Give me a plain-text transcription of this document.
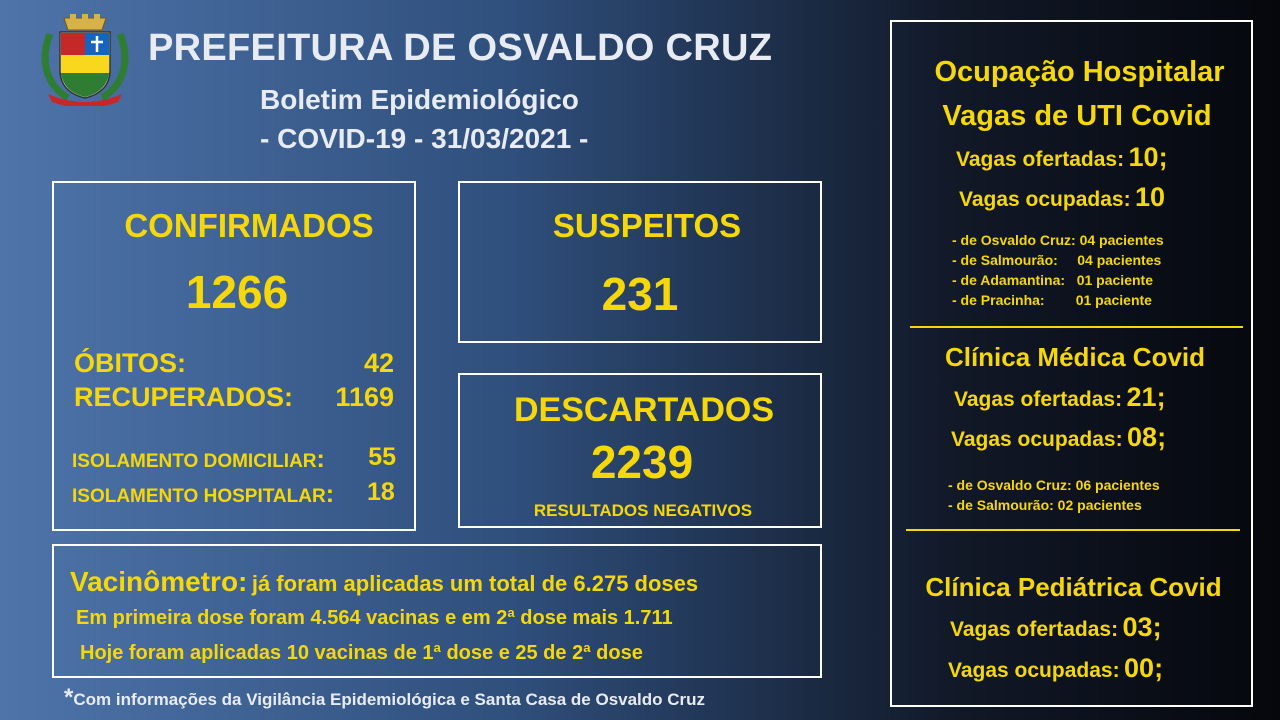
PREFEITURA DE OSVALDO CRUZ
Boletim Epidemiológico
- COVID-19 - 31/03/2021 -
CONFIRMADOS
1266
ÓBITOS:	42
RECUPERADOS: 1169
ISOLAMENTO DOMICILIAR: 55
ISOLAMENTO HOSPITALAR: 18
SUSPEITOS
231
DESCARTADOS
2239
RESULTADOS NEGATIVOS
Vacinômetro: já foram aplicadas um total de 6.275 doses
Em primeira dose foram 4.564 vacinas e em 2ª dose mais 1.711
Hoje foram aplicadas 10 vacinas de 1ª dose e 25 de 2ª dose
*Com informações da Vigilância Epidemiológica e Santa Casa de Osvaldo Cruz
Ocupação Hospitalar
Vagas de UTI Covid
Vagas ofertadas: 10;
Vagas ocupadas: 10
- de Osvaldo Cruz: 04 pacientes
- de Salmourão:     04 pacientes
- de Adamantina:   01 paciente
- de Pracinha:        01 paciente
Clínica Médica Covid
Vagas ofertadas: 21;
Vagas ocupadas: 08;
- de Osvaldo Cruz: 06 pacientes
- de Salmourão: 02 pacientes
Clínica Pediátrica Covid
Vagas ofertadas: 03;
Vagas ocupadas: 00;
